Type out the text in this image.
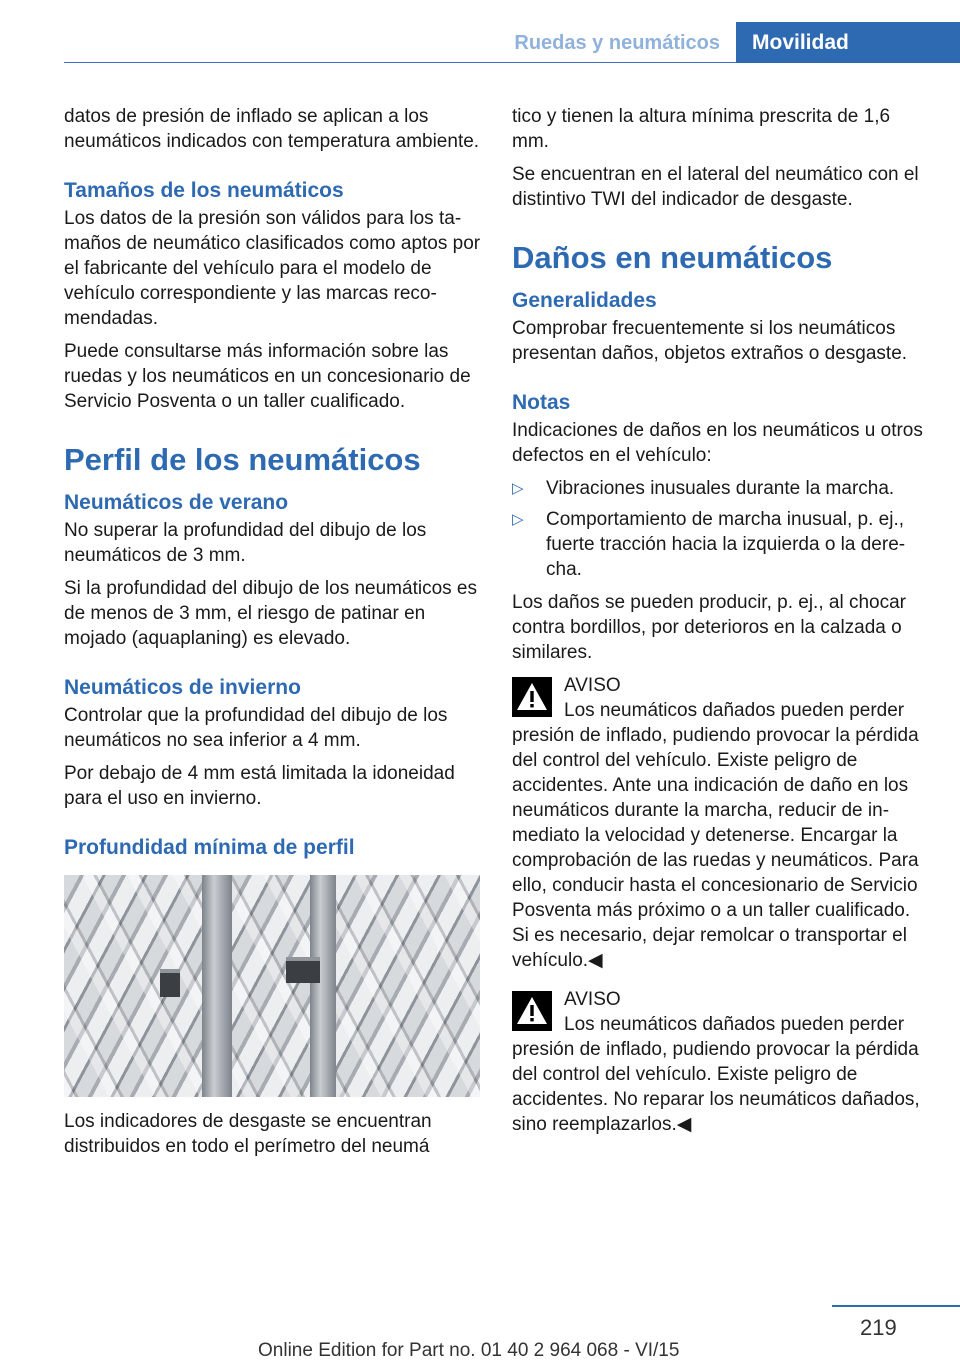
Ruedas y neumáticos	Movilidad

datos de presión de inflado se aplican a los neumáticos indicados con temperatura ambiente.

Tamaños de los neumáticos

Los datos de la presión son válidos para los tamaños de neumático clasificados como aptos por el fabricante del vehículo para el modelo de vehículo correspondiente y las marcas recomendadas.

Puede consultarse más información sobre las ruedas y los neumáticos en un concesionario de Servicio Posventa o un taller cualificado.

Perfil de los neumáticos
Neumáticos de verano

No superar la profundidad del dibujo de los neumáticos de 3 mm.

Si la profundidad del dibujo de los neumáticos es de menos de 3 mm, el riesgo de patinar en mojado (aquaplaning) es elevado.

Neumáticos de invierno

Controlar que la profundidad del dibujo de los neumáticos no sea inferior a 4 mm.

Por debajo de 4 mm está limitada la idoneidad para el uso en invierno.

Profundidad mínima de perfil

Los indicadores de desgaste se encuentran distribuidos en todo el perímetro del neumá

tico y tienen la altura mínima prescrita de 1,6 mm.

Se encuentran en el lateral del neumático con el distintivo TWI del indicador de desgaste.

Daños en neumáticos
Generalidades

Comprobar frecuentemente si los neumáticos presentan daños, objetos extraños o desgaste.

Notas

Indicaciones de daños en los neumáticos u otros defectos en el vehículo:

▷ Vibraciones inusuales durante la marcha.
▷ Comportamiento de marcha inusual, p. ej., fuerte tracción hacia la izquierda o la derecha.

Los daños se pueden producir, p. ej., al chocar contra bordillos, por deterioros en la calzada o similares.

AVISO

Los neumáticos dañados pueden perder presión de inflado, pudiendo provocar la pérdida del control del vehículo. Existe peligro de accidentes. Ante una indicación de daño en los neumáticos durante la marcha, reducir de inmediato la velocidad y detenerse. Encargar la comprobación de las ruedas y neumáticos. Para ello, conducir hasta el concesionario de Servicio Posventa más próximo o a un taller cualificado. Si es necesario, dejar remolcar o transportar el vehículo.◀

AVISO

Los neumáticos dañados pueden perder presión de inflado, pudiendo provocar la pérdida del control del vehículo. Existe peligro de accidentes. No reparar los neumáticos dañados, sino reemplazarlos.◀

219
Online Edition for Part no. 01 40 2 964 068 - VI/15
